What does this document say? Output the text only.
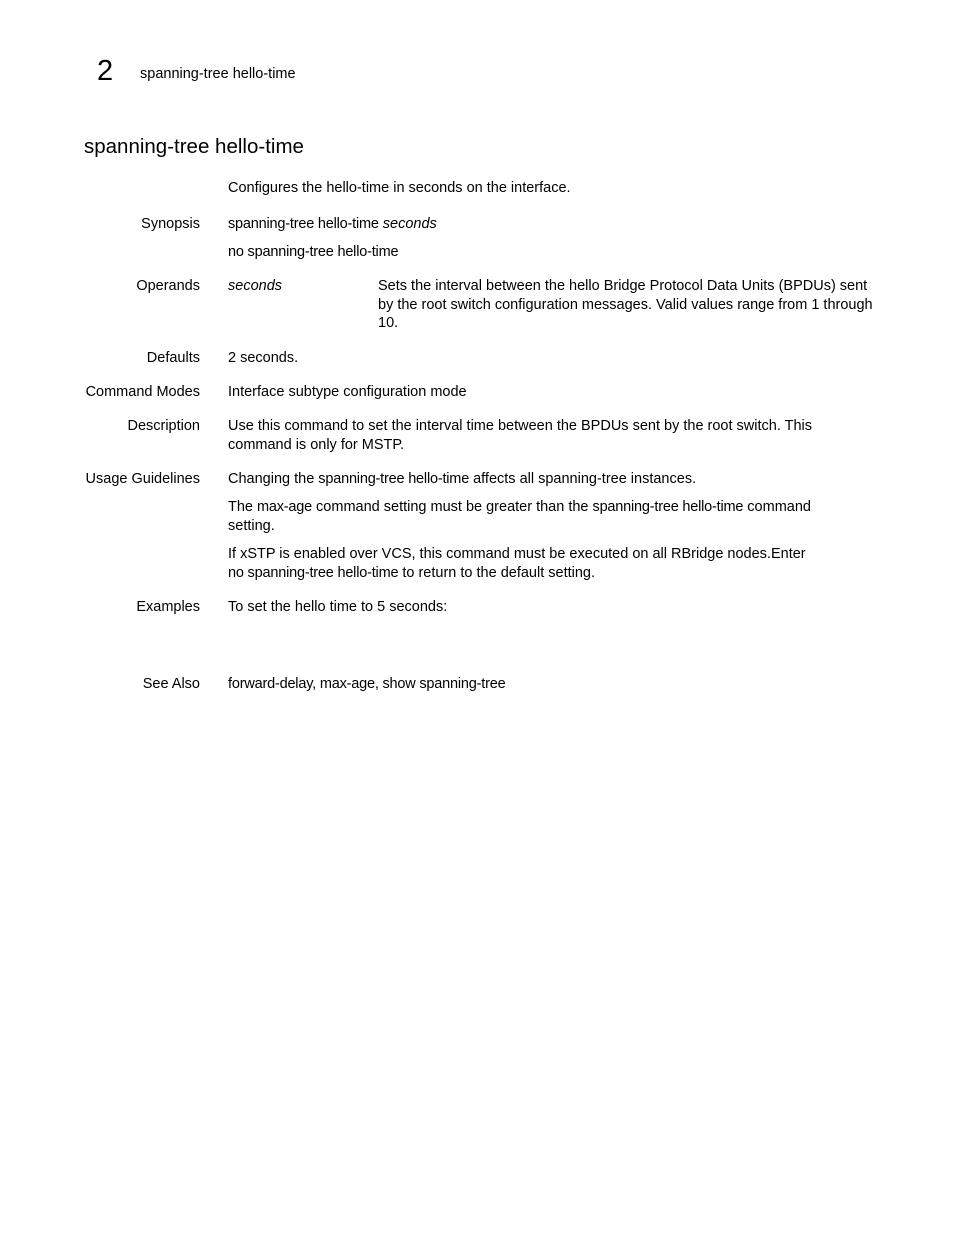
2 spanning-tree hello-time
spanning-tree hello-time
Configures the hello-time in seconds on the interface.
Synopsis spanning-tree hello-time seconds
no spanning-tree hello-time
Operands seconds	Sets the interval between the hello Bridge Protocol Data Units (BPDUs) sent by the root switch configuration messages. Valid values range from 1 through 10.
Defaults 2 seconds.
Command Modes Interface subtype configuration mode
Description Use this command to set the interval time between the BPDUs sent by the root switch. This
command is only for MSTP.
Usage Guidelines Changing the spanning-tree hello-time affects all spanning-tree instances.
The max-age command setting must be greater than the spanning-tree hello-time command
setting.
If xSTP is enabled over VCS, this command must be executed on all RBridge nodes.Enter
no spanning-tree hello-time to return to the default setting.
Examples To set the hello time to 5 seconds:
See Also forward-delay, max-age, show spanning-tree
